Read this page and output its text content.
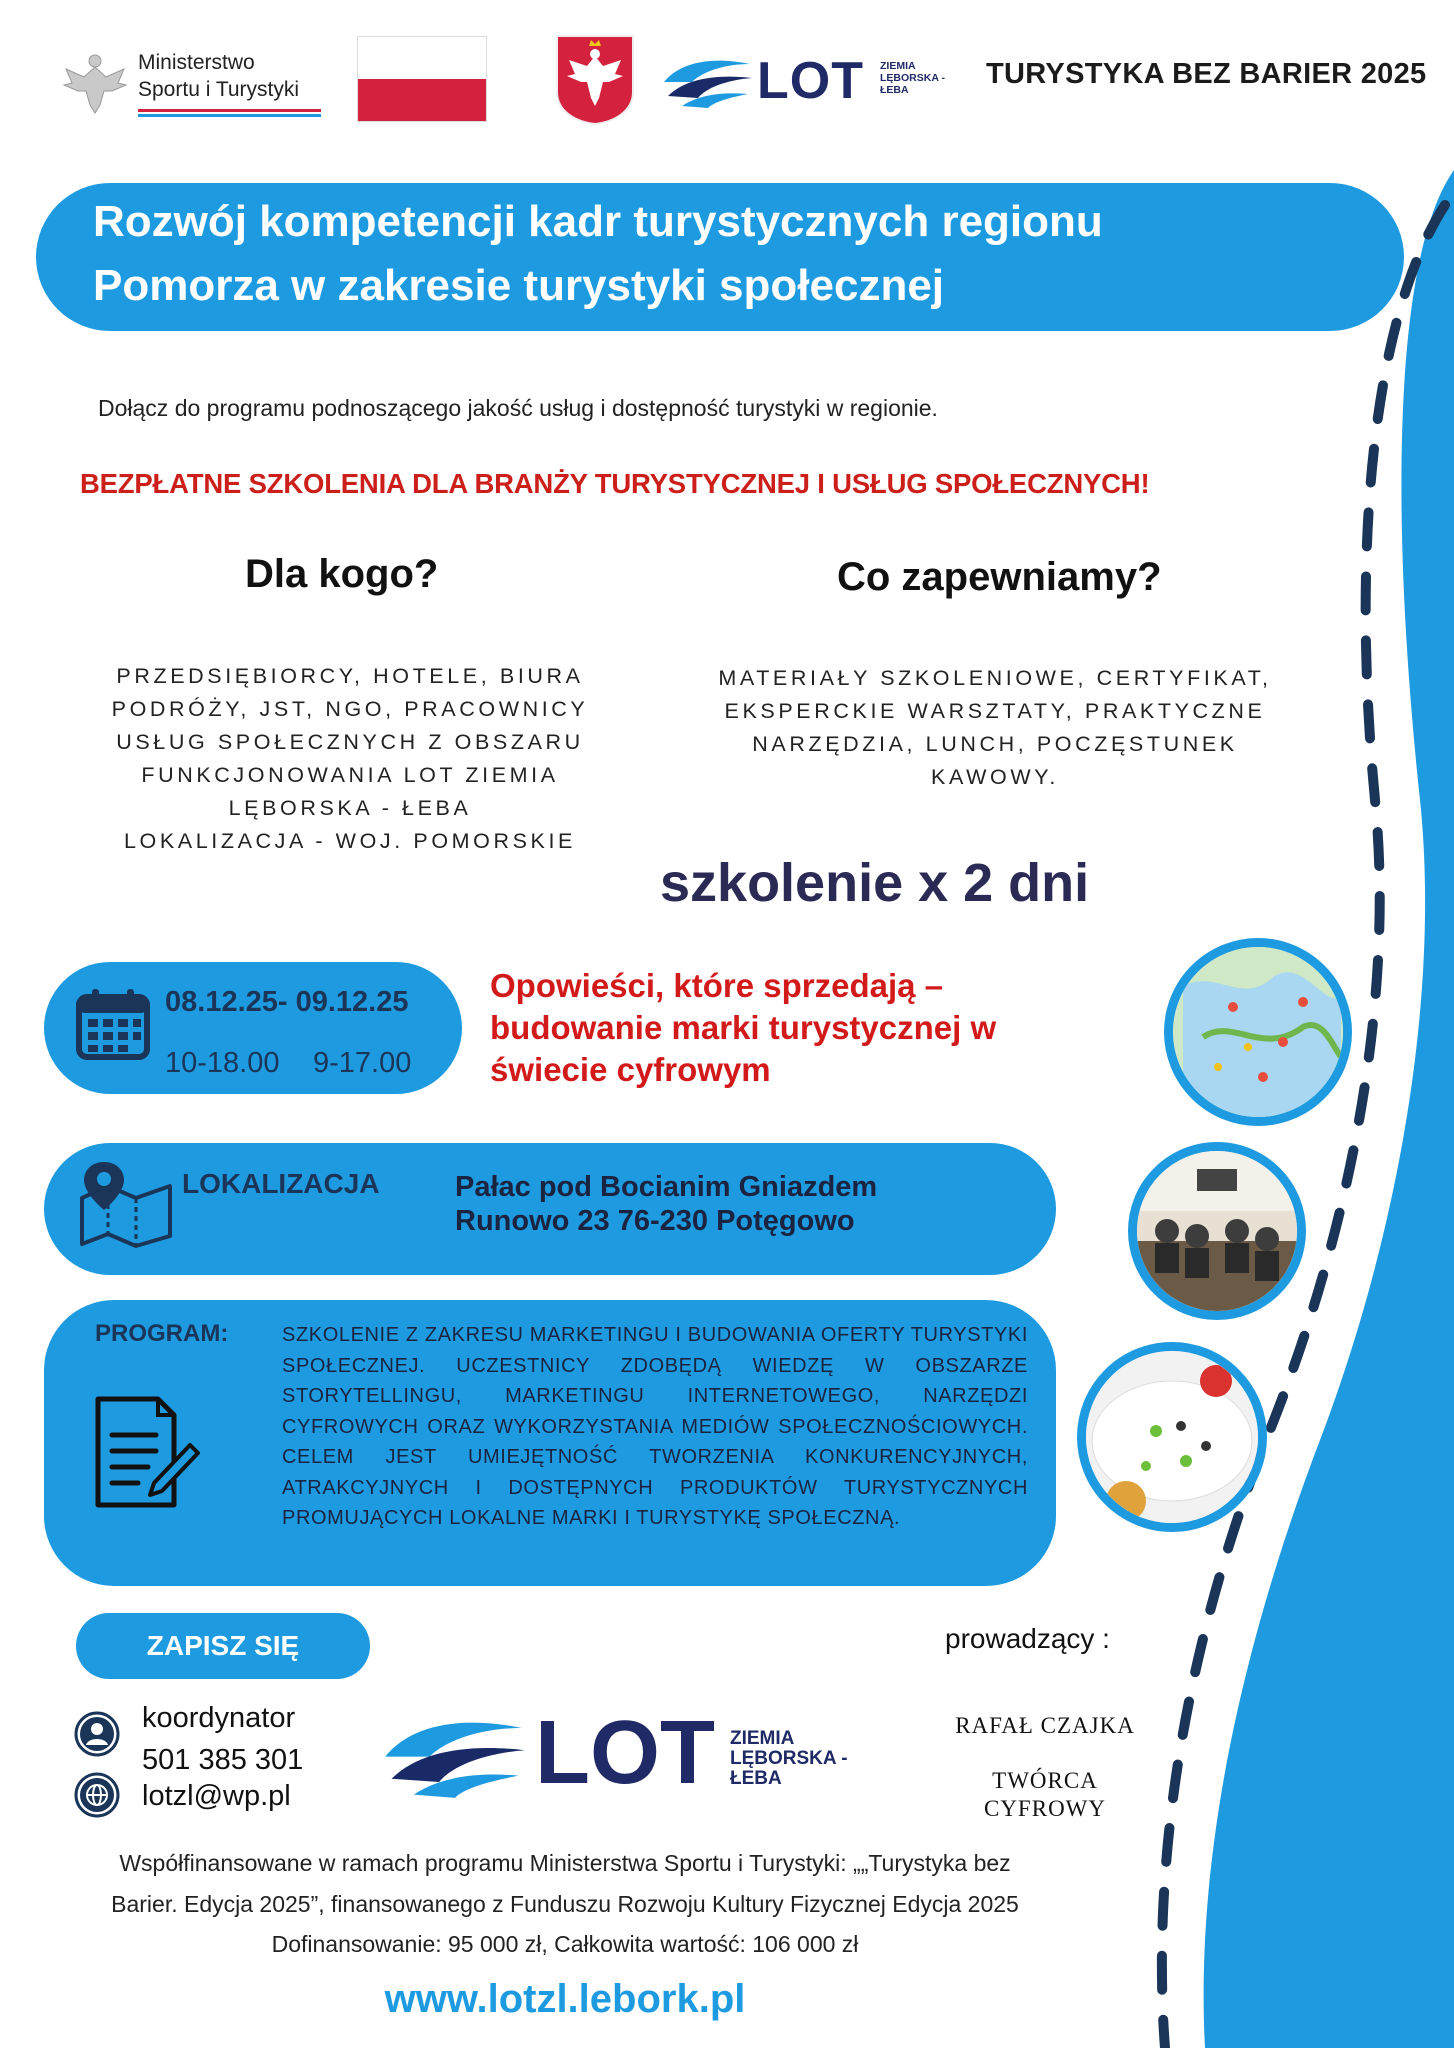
Ministerstwo
Sportu i Turystyki	LOT ZIEMIA
LĘBORSKA -
ŁEBA	TURYSTYKA BEZ BARIER 2025
Rozwój kompetencji kadr turystycznych regionu
Pomorza w zakresie turystyki społecznej
Dołącz do programu podnoszącego jakość usług i dostępność turystyki w regionie.
BEZPŁATNE SZKOLENIA DLA BRANŻY TURYSTYCZNEJ I USŁUG SPOŁECZNYCH!
Dla kogo?	Co zapewniamy?
PRZEDSIĘBIORCY, HOTELE, BIURA
PODRÓŻY, JST, NGO, PRACOWNICY
USŁUG SPOŁECZNYCH Z OBSZARU
FUNKCJONOWANIA LOT ZIEMIA
LĘBORSKA - ŁEBA
LOKALIZACJA - WOJ. POMORSKIE
MATERIAŁY SZKOLENIOWE, CERTYFIKAT,
EKSPERCKIE WARSZTATY, PRAKTYCZNE
NARZĘDZIA, LUNCH, POCZĘSTUNEK
KAWOWY.
szkolenie x 2 dni
08.12.25- 09.12.25
10-18.00 9-17.00
Opowieści, które sprzedają –
budowanie marki turystycznej w
świecie cyfrowym
LOKALIZACJA	Pałac pod Bocianim Gniazdem
Runowo 23 76-230 Potęgowo
PROGRAM:	SZKOLENIE Z ZAKRESU MARKETINGU I BUDOWANIA OFERTY TURYSTYKI SPOŁECZNEJ. UCZESTNICY ZDOBĘDĄ WIEDZĘ W OBSZARZE STORYTELLINGU, MARKETINGU INTERNETOWEGO, NARZĘDZI CYFROWYCH ORAZ WYKORZYSTANIA MEDIÓW SPOŁECZNOŚCIOWYCH. CELEM JEST UMIEJĘTNOŚĆ TWORZENIA KONKURENCYJNYCH, ATRAKCYJNYCH I DOSTĘPNYCH PRODUKTÓW TURYSTYCZNYCH PROMUJĄCYCH LOKALNE MARKI I TURYSTYKĘ SPOŁECZNĄ.
ZAPISZ SIĘ	prowadzący :
koordynator
501 385 301
lotzl@wp.pl	LOT ZIEMIA
LĘBORSKA -
ŁEBA
RAFAŁ CZAJKA
TWÓRCA
CYFROWY
Współfinansowane w ramach programu Ministerstwa Sportu i Turystyki: „„Turystyka bez
Barier. Edycja 2025”, finansowanego z Funduszu Rozwoju Kultury Fizycznej Edycja 2025
Dofinansowanie: 95 000 zł, Całkowita wartość: 106 000 zł
www.lotzl.lebork.pl
